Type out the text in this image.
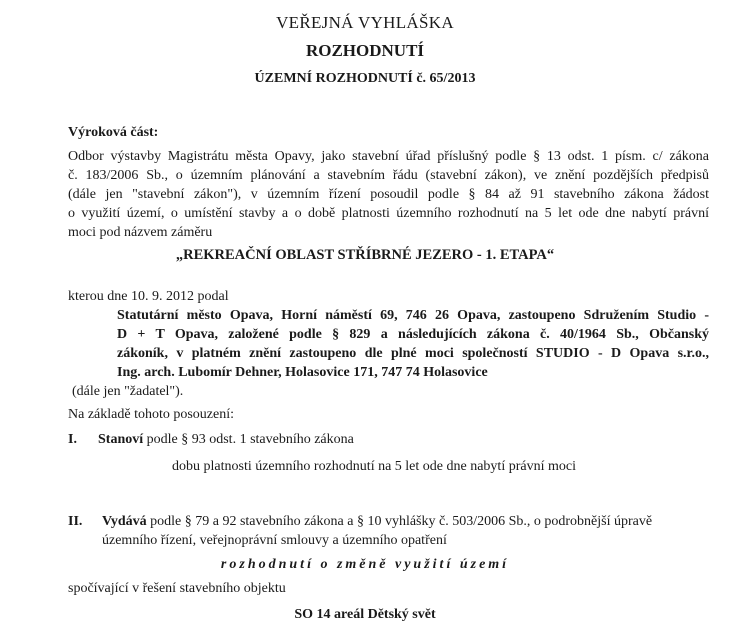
VEŘEJNÁ VYHLÁŠKA
ROZHODNUTÍ
ÚZEMNÍ ROZHODNUTÍ č. 65/2013
Výroková část:
Odbor výstavby Magistrátu města Opavy, jako stavební úřad příslušný podle § 13 odst. 1 písm. c/ zákona
č. 183/2006 Sb., o územním plánování a stavebním řádu (stavební zákon), ve znění pozdějších předpisů
(dále jen "stavební zákon"), v územním řízení posoudil podle § 84 až 91 stavebního zákona žádost
o využití území, o umístění stavby a o době platnosti územního rozhodnutí na 5 let ode dne nabytí právní
moci pod názvem záměru
„REKREAČNÍ OBLAST STŘÍBRNÉ JEZERO - 1. ETAPA“
kterou dne 10. 9. 2012 podal
Statutární město Opava, Horní náměstí 69, 746 26 Opava, zastoupeno Sdružením Studio -
D + T Opava, založené podle § 829 a následujících zákona č. 40/1964 Sb., Občanský
zákoník, v platném znění zastoupeno dle plné moci společností STUDIO - D Opava s.r.o.,
Ing. arch. Lubomír Dehner, Holasovice 171, 747 74 Holasovice
(dále jen "žadatel").
Na základě tohoto posouzení:
I. Stanoví podle § 93 odst. 1 stavebního zákona
dobu platnosti územního rozhodnutí na 5 let ode dne nabytí právní moci
II. Vydává podle § 79 a 92 stavebního zákona a § 10 vyhlášky č. 503/2006 Sb., o podrobnější úpravě
územního řízení, veřejnoprávní smlouvy a územního opatření
rozhodnutí o změně využití území
spočívající v řešení stavebního objektu
SO 14 areál Dětský svět
